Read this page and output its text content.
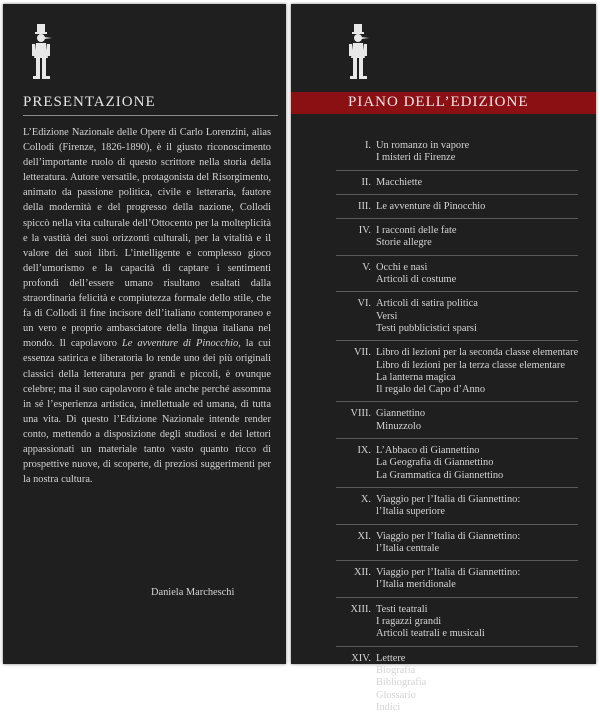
PRESENTAZIONE

L’Edizione Nazionale delle Opere di Carlo Lorenzini, alias Collodi (Firenze, 1826-1890), è il giusto riconoscimento dell’importante ruolo di questo scrittore nella storia della letteratura. Autore versatile, protagonista del Risorgimento, animato da passione politica, civile e letteraria, fautore della modernità e del progresso della nazione, Collodi spiccò nella vita culturale dell’Ottocento per la molteplicità e la vastità dei suoi orizzonti culturali, per la vitalità e il valore dei suoi libri. L’intelligente e complesso gioco dell’umorismo e la capacità di captare i sentimenti profondi dell’essere umano risultano esaltati dalla straordinaria felicità e compiutezza formale dello stile, che fa di Collodi il fine incisore dell’italiano contemporaneo e un vero e proprio ambasciatore della lingua italiana nel mondo. Il capolavoro Le avventure di Pinocchio, la cui essenza satirica e liberatoria lo rende uno dei più originali classici della letteratura per grandi e piccoli, è ovunque celebre; ma il suo capolavoro è tale anche perché assomma in sé l’esperienza artistica, intellettuale ed umana, di tutta una vita. Di questo l’Edizione Nazionale intende render conto, mettendo a disposizione degli studiosi e dei lettori appassionati un materiale tanto vasto quanto ricco di prospettive nuove, di scoperte, di preziosi suggerimenti per la nostra cultura.

Daniela Marcheschi
PIANO DELL’EDIZIONE
I. Un romanzo in vapore
I misteri di Firenze
II. Macchiette
III. Le avventure di Pinocchio
IV. I racconti delle fate
Storie allegre
V. Occhi e nasi
Articoli di costume
VI. Articoli di satira politica
Versi
Testi pubblicistici sparsi
VII. Libro di lezioni per la seconda classe elementare
Libro di lezioni per la terza classe elementare
La lanterna magica
Il regalo del Capo d’Anno
VIII. Giannettino
Minuzzolo
IX. L’Abbaco di Giannettino
La Geografia di Giannettino
La Grammatica di Giannettino
X. Viaggio per l’Italia di Giannettino:
l’Italia superiore
XI. Viaggio per l’Italia di Giannettino:
l’Italia centrale
XII. Viaggio per l’Italia di Giannettino:
l’Italia meridionale
XIII. Testi teatrali
I ragazzi grandi
Articoli teatrali e musicali
XIV. Lettere
Biografia
Bibliografia
Glossario
Indici
